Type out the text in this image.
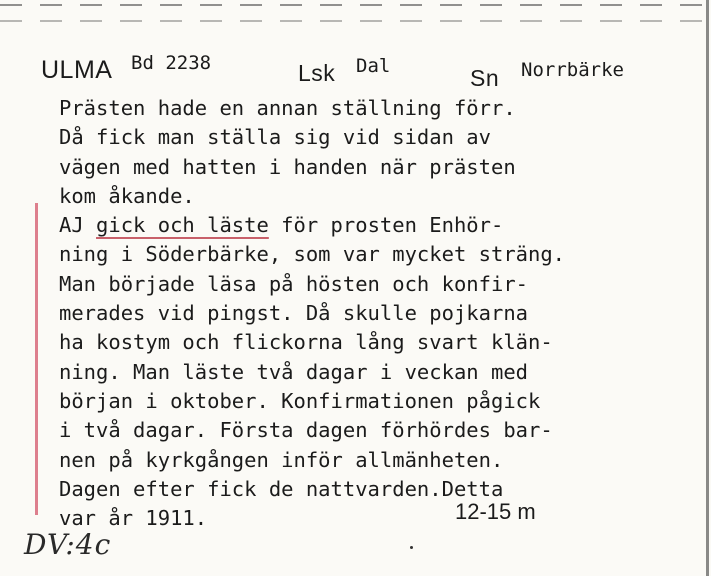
ULMA Bd 2238	Lsk Dal	Sn Norrbärke
Prästen hade en annan ställning förr.
Då fick man ställa sig vid sidan av
vägen med hatten i handen när prästen
kom åkande.
AJ gick och läste för prosten Enhör-
ning i Söderbärke, som var mycket sträng.
Man började läsa på hösten och konfir-
merades vid pingst. Då skulle pojkarna
ha kostym och flickorna lång svart klän-
ning. Man läste två dagar i veckan med
början i oktober. Konfirmationen pågick
i två dagar. Första dagen förhördes bar-
nen på kyrkgången inför allmänheten.
Dagen efter fick de nattvarden.Detta
var år 1911.	12-15 m
DV:4c
